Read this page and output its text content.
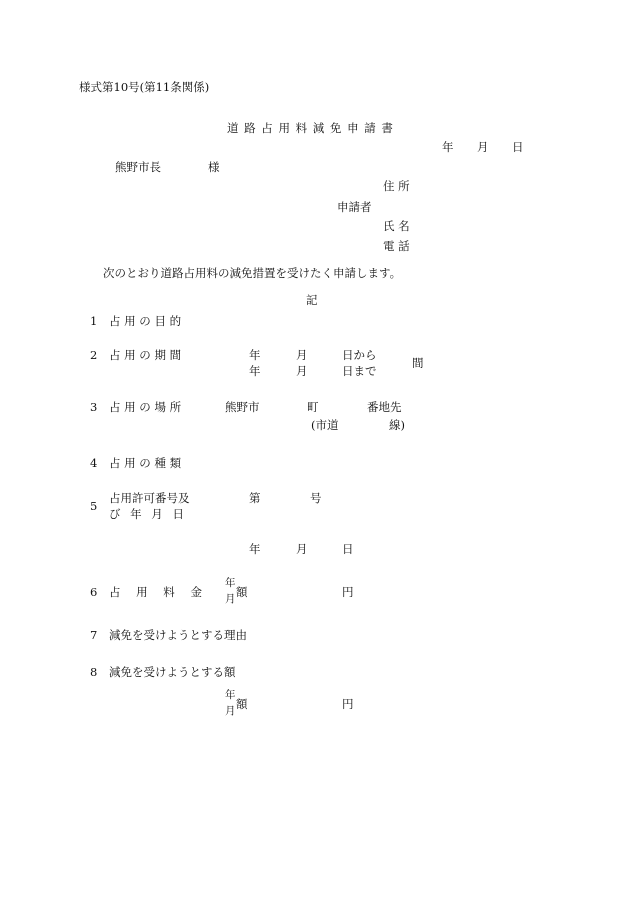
様式第10号(第11条関係)
道 路 占 用 料 減 免 申 請 書
年 月 日
熊野市長	様
住 所
申請者
氏 名
電 話
次のとおり道路占用料の減免措置を受けたく申請します。
記
1 占 用 の 目 的
2 占 用 の 期 間	年	月	日から
年	月	日まで
間
3 占 用 の 場 所	熊野市	町	番地先
(市道	線)
4 占 用 の 種 類
5
占用許可番号及
び 年 月 日
第	号
年	月	日
6 占 用 料 金
年
月 額	円
7 減免を受けようとする理由
8 減免を受けようとする額
年
月 額	円
